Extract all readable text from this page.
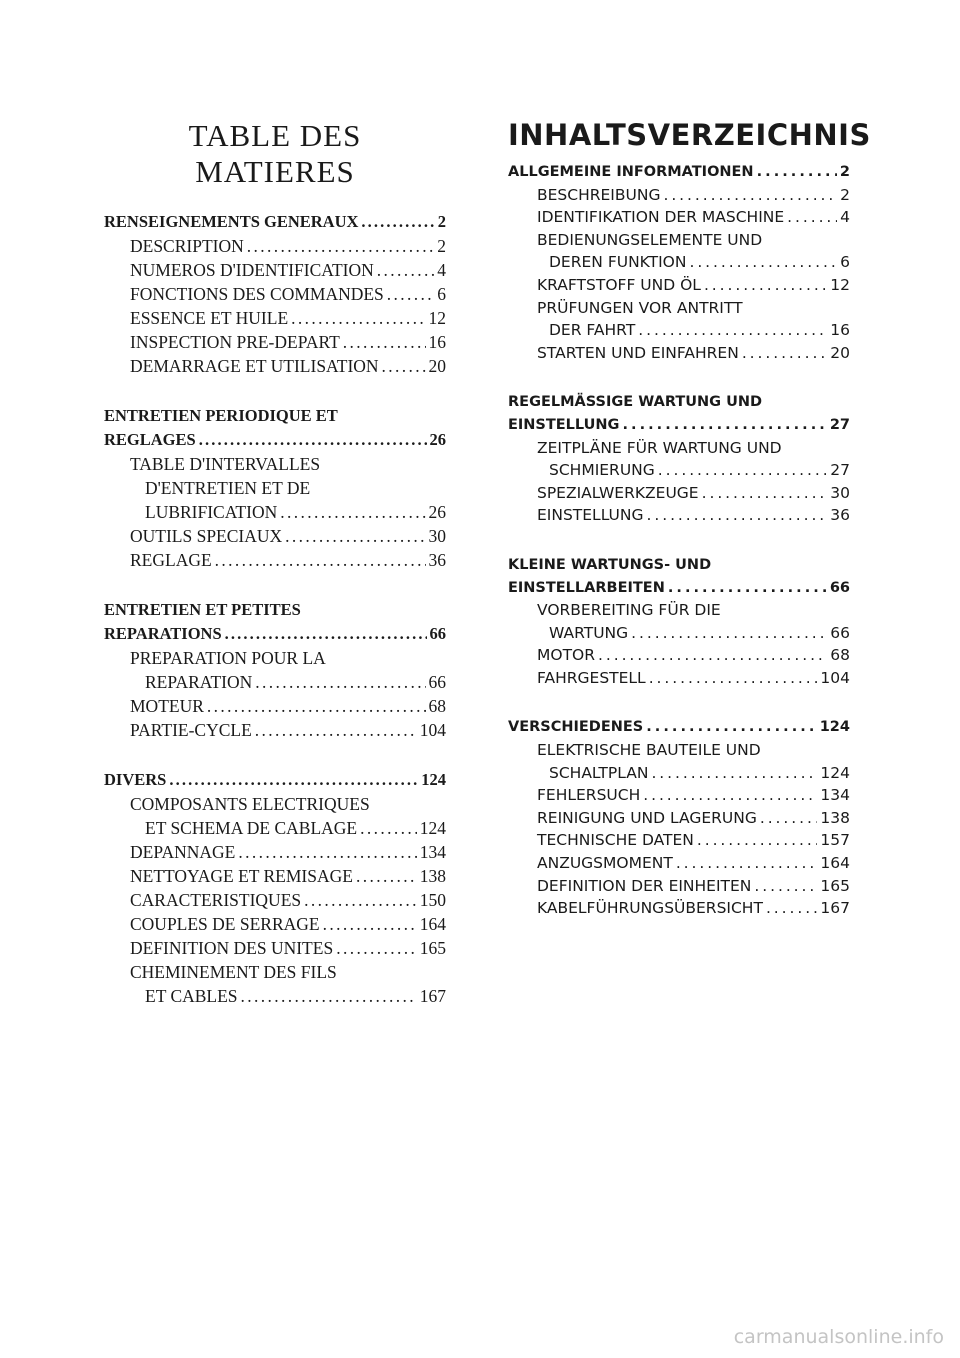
TABLE DES
MATIERES
RENSEIGNEMENTS GENERAUX . . .	2
DESCRIPTION . . .	2
NUMEROS D'IDENTIFICATION . . .	4
FONCTIONS DES COMMANDES . . .	6
ESSENCE ET HUILE . . .	12
INSPECTION PRE-DEPART . . .	16
DEMARRAGE ET UTILISATION . . .	20
ENTRETIEN PERIODIQUE ET
REGLAGES . . .	26
TABLE D'INTERVALLES
D'ENTRETIEN ET DE
LUBRIFICATION . . .	26
OUTILS SPECIAUX . . .	30
REGLAGE . . .	36
ENTRETIEN ET PETITES
REPARATIONS . . .	66
PREPARATION POUR LA
REPARATION . . .	66
MOTEUR . . .	68
PARTIE-CYCLE . . .	104
DIVERS . . .	124
COMPOSANTS ELECTRIQUES
ET SCHEMA DE CABLAGE . . .	124
DEPANNAGE . . .	134
NETTOYAGE ET REMISAGE . . .	138
CARACTERISTIQUES . . .	150
COUPLES DE SERRAGE . . .	164
DEFINITION DES UNITES . . .	165
CHEMINEMENT DES FILS
ET CABLES . . .	167
INHALTSVERZEICHNIS
ALLGEMEINE INFORMATIONEN . . .	2
BESCHREIBUNG . . .	2
IDENTIFIKATION DER MASCHINE . . .	4
BEDIENUNGSELEMENTE UND
DEREN FUNKTION . . .	6
KRAFTSTOFF UND ÖL . . .	12
PRÜFUNGEN VOR ANTRITT
DER FAHRT . . .	16
STARTEN UND EINFAHREN . . .	20
REGELMÄSSIGE WARTUNG UND
EINSTELLUNG . . .	27
ZEITPLÄNE FÜR WARTUNG UND
SCHMIERUNG . . .	27
SPEZIALWERKZEUGE . . .	30
EINSTELLUNG . . .	36
KLEINE WARTUNGS- UND
EINSTELLARBEITEN . . .	66
VORBEREITING FÜR DIE
WARTUNG . . .	66
MOTOR . . .	68
FAHRGESTELL . . .	104
VERSCHIEDENES . . .	124
ELEKTRISCHE BAUTEILE UND
SCHALTPLAN . . .	124
FEHLERSUCH . . .	134
REINIGUNG UND LAGERUNG . . .	138
TECHNISCHE DATEN . . .	157
ANZUGSMOMENT . . .	164
DEFINITION DER EINHEITEN . . .	165
KABELFÜHRUNGSÜBERSICHT . . .	167
carmanualsonline.info
